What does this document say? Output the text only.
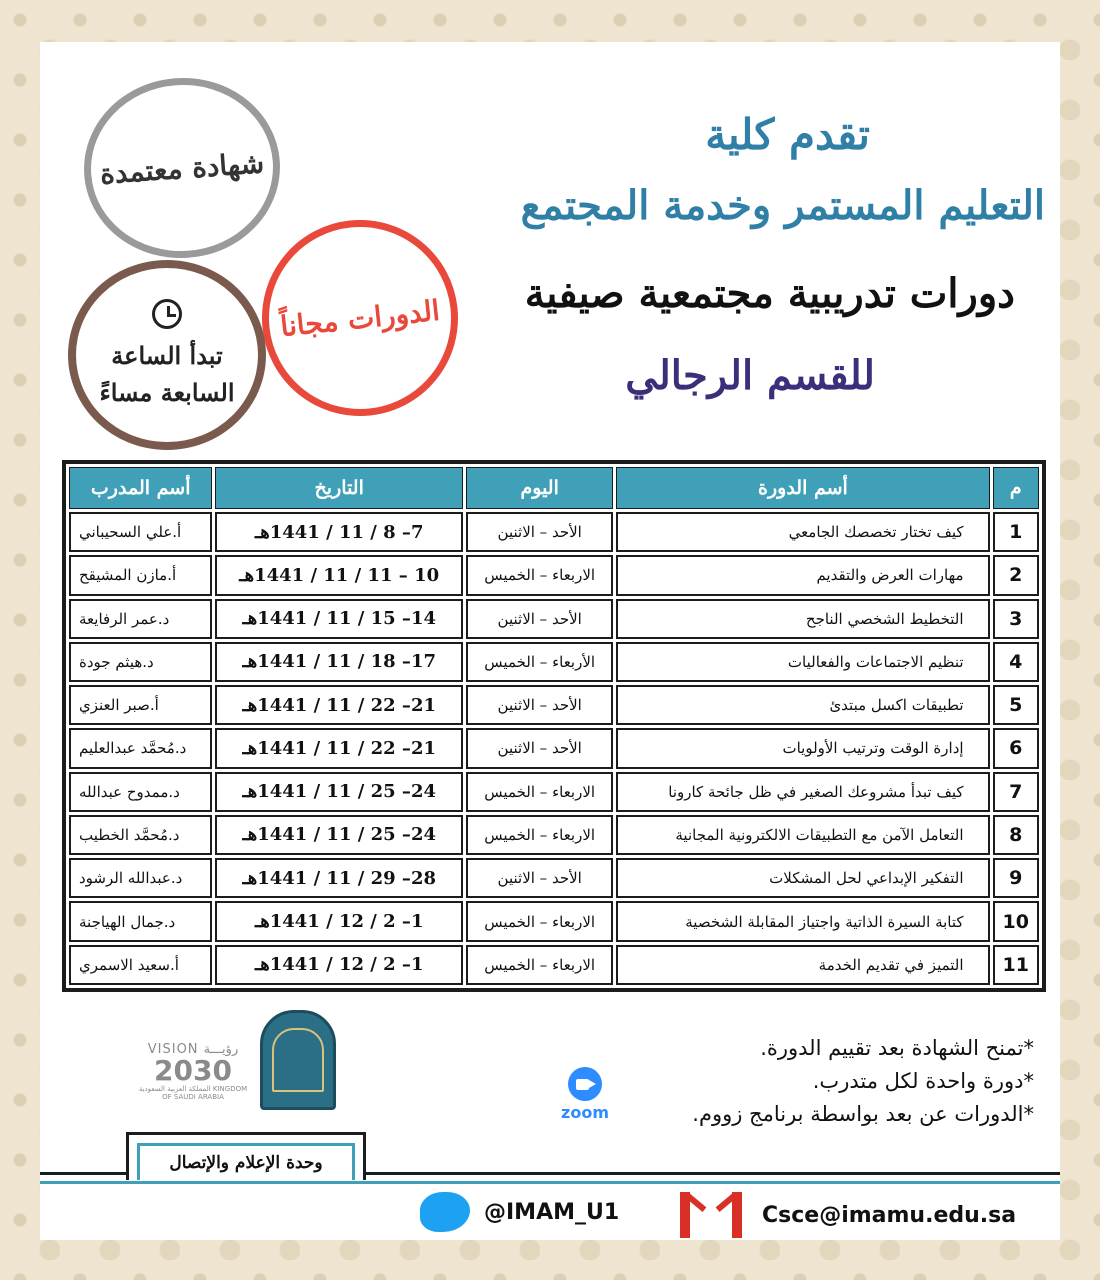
تقدم كلية
التعليم المستمر وخدمة المجتمع
دورات تدريبية مجتمعية صيفية
للقسم الرجالي
شهادة معتمدة
الدورات مجاناً
تبدأ الساعة
السابعة مساءً
م	أسم الدورة	اليوم	التاريخ	أسم المدرب
1	كيف تختار تخصصك الجامعي	الأحد – الاثنين	7– 8 / 11 / 1441هـ	أ.علي السحيباني
2	مهارات العرض والتقديم	الاربعاء – الخميس	10 – 11 / 11 / 1441هـ	أ.مازن المشيقح
3	التخطيط الشخصي الناجح	الأحد – الاثنين	14– 15 / 11 / 1441هـ	د.عمر الرفايعة
4	تنظيم الاجتماعات والفعاليات	الأربعاء – الخميس	17– 18 / 11 / 1441هـ	د.هيثم جودة
5	تطبيقات اكسل مبتدئ	الأحد – الاثنين	21– 22 / 11 / 1441هـ	أ.صبر العنزي
6	إدارة الوقت وترتيب الأولويات	الأحد – الاثنين	21– 22 / 11 / 1441هـ	د.مُحمَّد عبدالعليم
7	كيف تبدأ مشروعك الصغير في ظل جائحة كارونا	الاربعاء – الخميس	24– 25 / 11 / 1441هـ	د.ممدوح عبدالله
8	التعامل الآمن مع التطبيقات الالكترونية المجانية	الاربعاء – الخميس	24– 25 / 11 / 1441هـ	د.مُحمَّد الخطيب
9	التفكير الإبداعي لحل المشكلات	الأحد – الاثنين	28– 29 / 11 / 1441هـ	د.عبدالله الرشود
10	كتابة السيرة الذاتية واجتياز المقابلة الشخصية	الاربعاء – الخميس	1– 2 / 12 / 1441هـ	د.جمال الهياجنة
11	التميز في تقديم الخدمة	الاربعاء – الخميس	1– 2 / 12 / 1441هـ	أ.سعيد الاسمري
*تمنح الشهادة بعد تقييم الدورة.
*دورة واحدة لكل متدرب.
*الدورات عن بعد بواسطة برنامج زووم.
zoom
VISION رؤيـــة
2030
المملكة العربية السعودية KINGDOM OF SAUDI ARABIA
وحدة الإعلام والإتصال
@IMAM_U1	Csce@imamu.edu.sa
